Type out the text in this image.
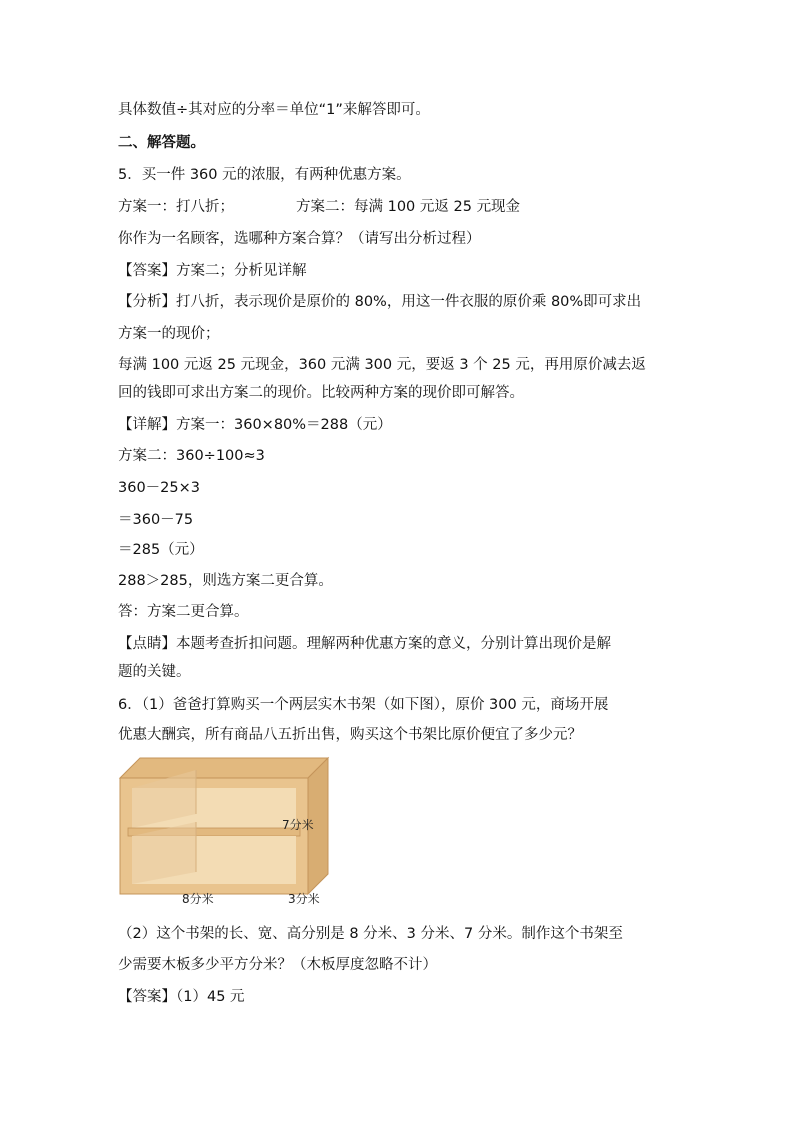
具体数值÷其对应的分率＝单位“1”来解答即可。
二、解答题。
5．买一件 360 元的浓服，有两种优惠方案。
方案一：打八折；	方案二：每满 100 元返 25 元现金
你作为一名顾客，选哪种方案合算？（请写出分析过程）
【答案】方案二；分析见详解
【分析】打八折，表示现价是原价的 80%，用这一件衣服的原价乘 80%即可求出
方案一的现价；
每满 100 元返 25 元现金，360 元满 300 元，要返 3 个 25 元，再用原价减去返
回的钱即可求出方案二的现价。比较两种方案的现价即可解答。
【详解】方案一：360×80%＝288（元）
方案二：360÷100≈3
360－25×3
＝360－75
＝285（元）
288＞285，则选方案二更合算。
答：方案二更合算。
【点睛】本题考查折扣问题。理解两种优惠方案的意义，分别计算出现价是解
题的关键。
6．（1）爸爸打算购买一个两层实木书架（如下图），原价 300 元，商场开展
优惠大酬宾，所有商品八五折出售，购买这个书架比原价便宜了多少元？
7分米
8分米	3分米
（2）这个书架的长、宽、高分别是 8 分米、3 分米、7 分米。制作这个书架至
少需要木板多少平方分米？（木板厚度忽略不计）
【答案】（1）45 元
